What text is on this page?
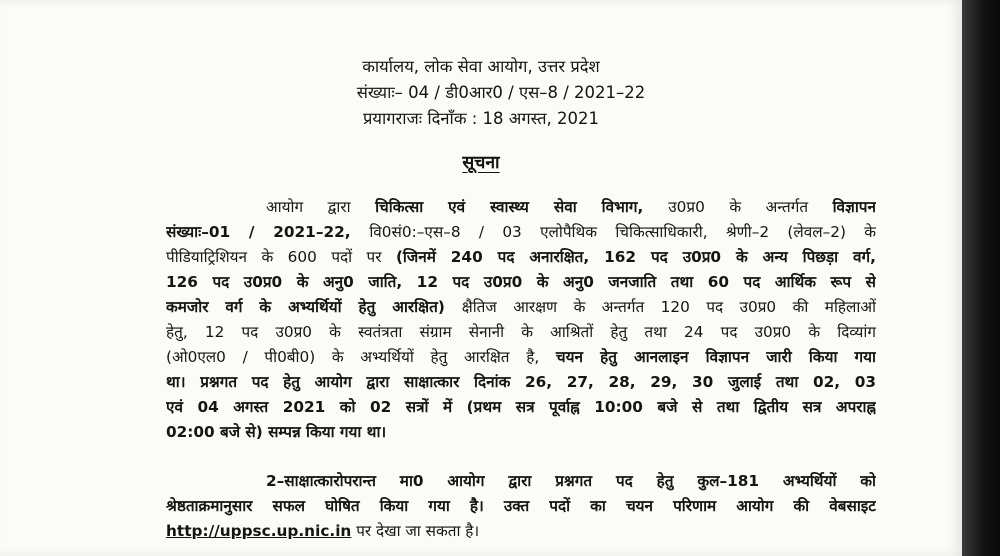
कार्यालय, लोक सेवा आयोग, उत्तर प्रदेश
संख्याः– 04 / डी0आर0 / एस–8 / 2021–22
प्रयागराजः दिनाँक : 18 अगस्त, 2021
सूचना
आयोग द्वारा चिकित्सा एवं स्वास्थ्य सेवा विभाग, उ0प्र0 के अन्तर्गत विज्ञापन
संख्याः–01 / 2021–22, वि0सं0:–एस–8 / 03 एलोपैथिक चिकित्साधिकारी, श्रेणी–2 (लेवल–2) के
पीडियाट्रिशियन के 600 पदों पर (जिनमें 240 पद अनारक्षित, 162 पद उ0प्र0 के अन्य पिछड़ा वर्ग,
126 पद उ0प्र0 के अनु0 जाति, 12 पद उ0प्र0 के अनु0 जनजाति तथा 60 पद आर्थिक रूप से
कमजोर वर्ग के अभ्यर्थियों हेतु आरक्षित) क्षैतिज आरक्षण के अन्तर्गत 120 पद उ0प्र0 की महिलाओं
हेतु, 12 पद उ0प्र0 के स्वतंत्रता संग्राम सेनानी के आश्रितों हेतु तथा 24 पद उ0प्र0 के दिव्यांग
(ओ0एल0 / पी0बी0) के अभ्यर्थियों हेतु आरक्षित है, चयन हेतु आनलाइन विज्ञापन जारी किया गया
था। प्रश्नगत पद हेतु आयोग द्वारा साक्षात्कार दिनांक 26, 27, 28, 29, 30 जुलाई तथा 02, 03
एवं 04 अगस्त 2021 को 02 सत्रों में (प्रथम सत्र पूर्वाह्न 10:00 बजे से तथा द्वितीय सत्र अपराह्न
02:00 बजे से) सम्पन्न किया गया था।
2–साक्षात्कारोपरान्त मा0 आयोग द्वारा प्रश्नगत पद हेतु कुल–181 अभ्यर्थियों को
श्रेष्ठताक्रमानुसार सफल घोषित किया गया है। उक्त पदों का चयन परिणाम आयोग की वेबसाइट
http://uppsc.up.nic.in पर देखा जा सकता है।
